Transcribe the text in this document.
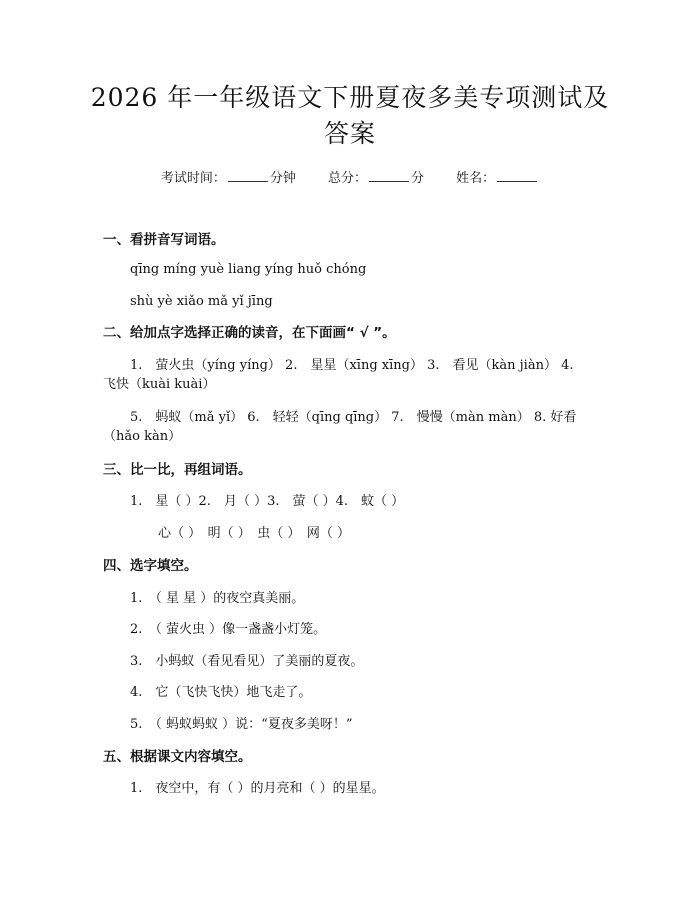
2026 年一年级语文下册夏夜多美专项测试及
答案
考试时间：	分钟 总分：	分 姓名：
一、看拼音写词语。
qīng míng yuè liang yíng huǒ chóng
shù yè xiǎo mǎ yǐ jīng
二、给加点字选择正确的读音，在下面画“ √ ”。
1.　萤火虫（yíng yíng） 2.　星星（xīng xīng） 3.　看见（kàn jiàn） 4.
飞快（kuài kuài）
5.　蚂蚁（mǎ yǐ） 6.　轻轻（qīng qīng） 7.　慢慢（màn màn） 8. 好看
（hǎo kàn）
三、比一比，再组词语。
1.　星（ ）2.　月（ ）3.　萤（ ）4.　蚊（ ）
心（ ）　明（ ）　虫（ ）　网（ ）
四、选字填空。
1.　（ 星 星 ）的夜空真美丽。
2.　（ 萤火虫 ）像一盏盏小灯笼。
3.　小蚂蚁（看见看见）了美丽的夏夜。
4.　它（飞快飞快）地飞走了。
5.　（ 蚂蚁蚂蚁 ）说：“夏夜多美呀！”
五、根据课文内容填空。
1.　夜空中，有（ ）的月亮和（ ）的星星。
